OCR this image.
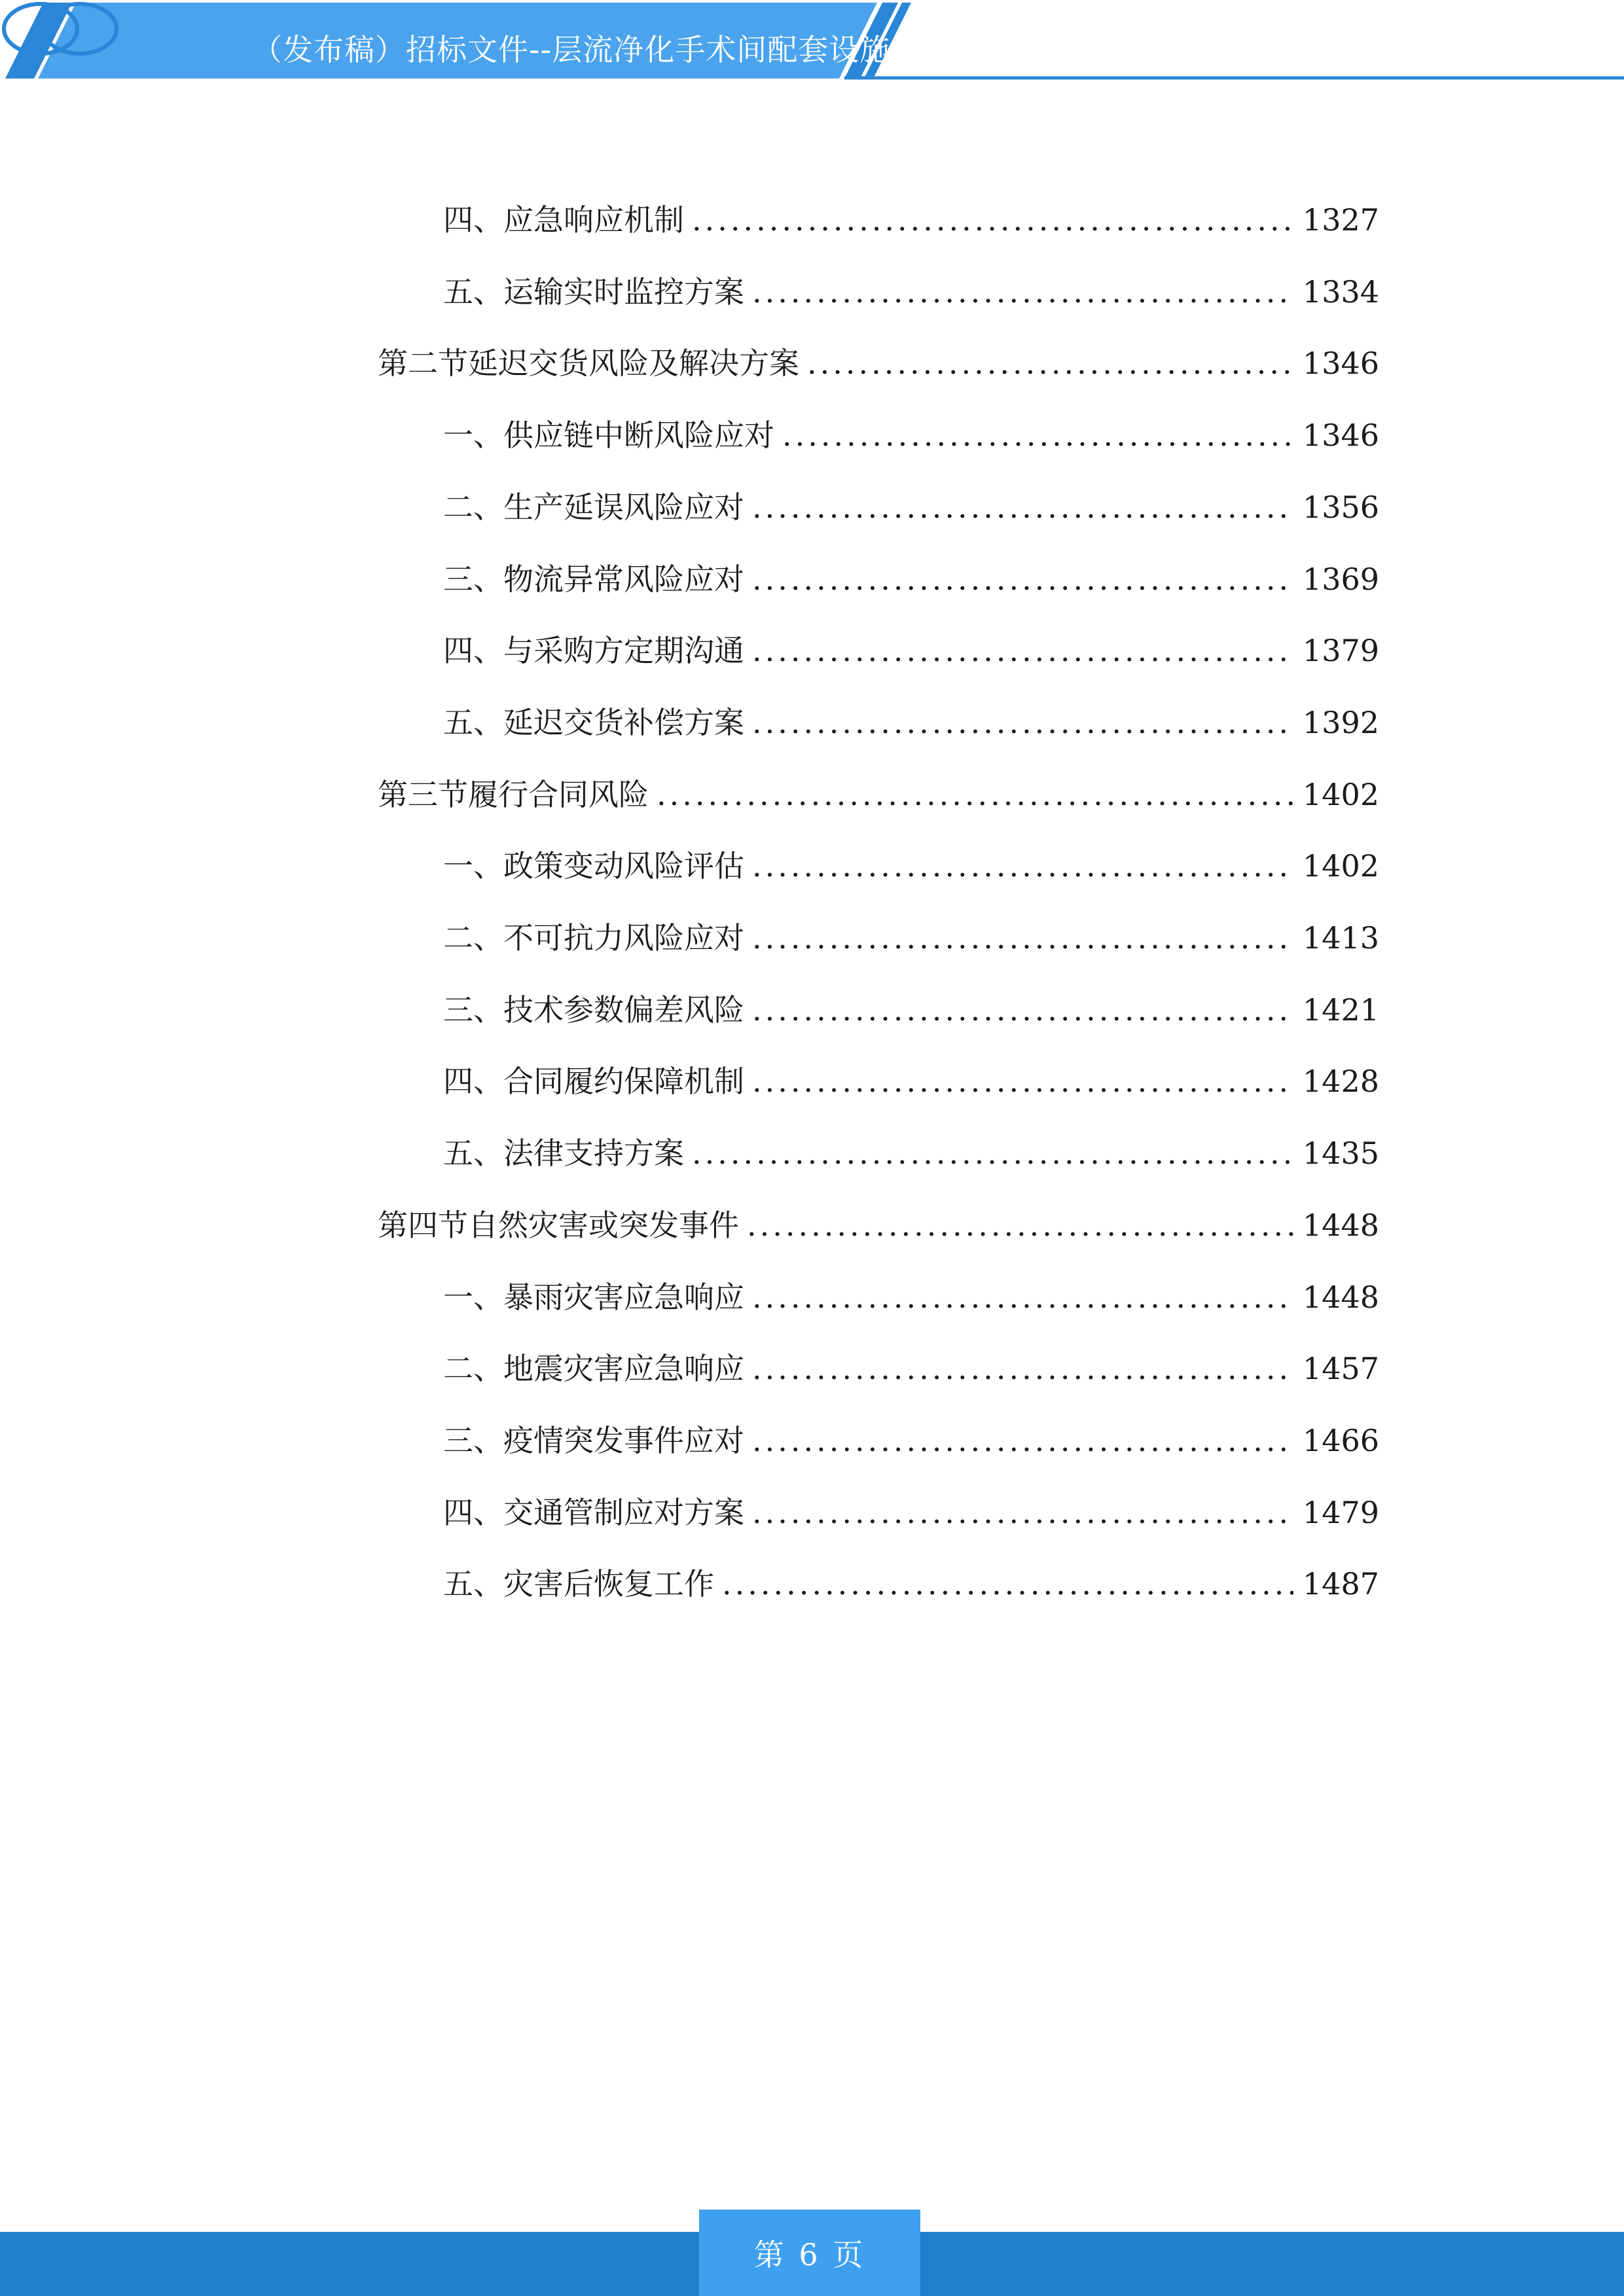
（发布稿）招标文件--层流净化手术间配套设施
四、 应急响应机制 .....	1327
五、 运输实时监控方案 .....	1334
第二节 延迟交货风险及解决方案 .....	1346
一、 供应链中断风险应对 .....	1346
二、 生产延误风险应对 .....	1356
三、 物流异常风险应对 .....	1369
四、 与采购方定期沟通 .....	1379
五、 延迟交货补偿方案 .....	1392
第三节 履行合同风险 .....	1402
一、 政策变动风险评估 .....	1402
二、 不可抗力风险应对 .....	1413
三、 技术参数偏差风险 .....	1421
四、 合同履约保障机制 .....	1428
五、 法律支持方案 .....	1435
第四节 自然灾害或突发事件 .....	1448
一、 暴雨灾害应急响应 .....	1448
二、 地震灾害应急响应 .....	1457
三、 疫情突发事件应对 .....	1466
四、 交通管制应对方案 .....	1479
五、 灾害后恢复工作 .....	1487
第 6 页
